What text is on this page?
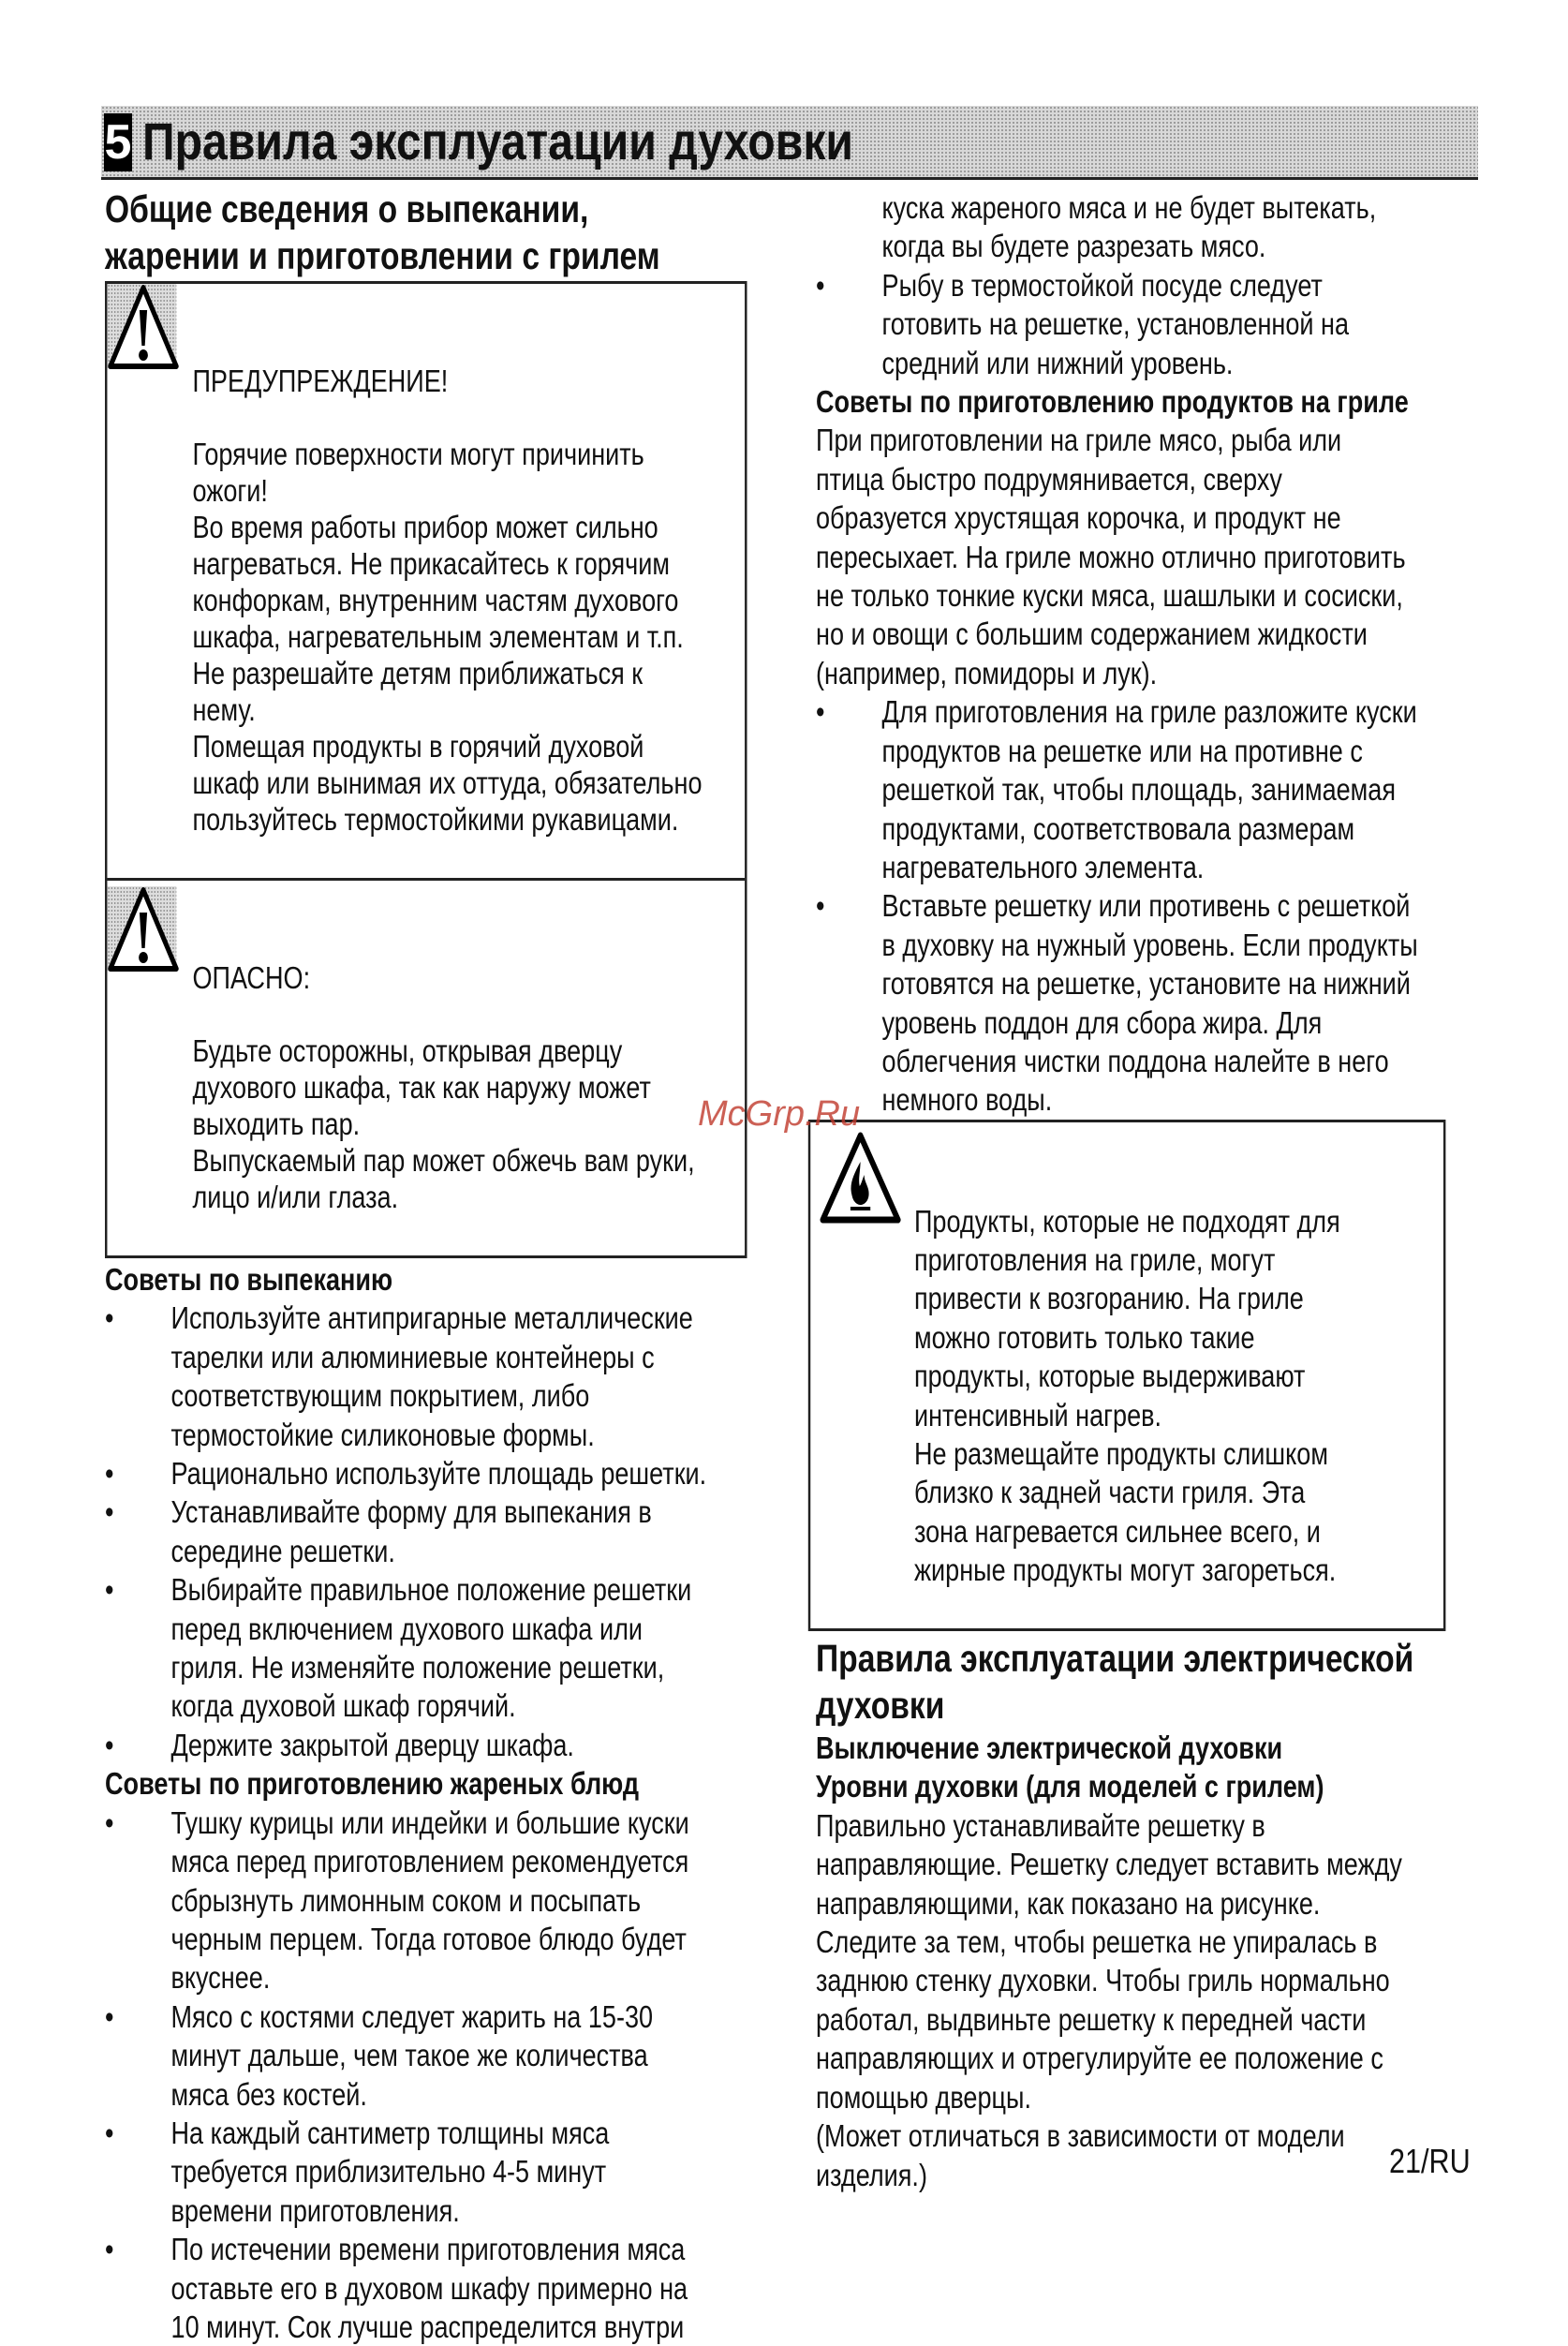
5 Правила эксплуатации духовки

Общие сведения о выпекании,
жарении и приготовлении с грилем

ПРЕДУПРЕЖДЕНИЕ!

Горячие поверхности могут причинить
ожоги!
Во время работы прибор может сильно
нагреваться. Не прикасайтесь к горячим
конфоркам, внутренним частям духового
шкафа, нагревательным элементам и т.п.
Не разрешайте детям приближаться к
нему.
Помещая продукты в горячий духовой
шкаф или вынимая их оттуда, обязательно
пользуйтесь термостойкими рукавицами.

ОПАСНО:

Будьте осторожны, открывая дверцу
духового шкафа, так как наружу может
выходить пар.
Выпускаемый пар может обжечь вам руки,
лицо и/или глаза.

Советы по выпеканию

• Используйте антипригарные металлические
тарелки или алюминиевые контейнеры с
соответствующим покрытием, либо
термостойкие силиконовые формы.
• Рационально используйте площадь решетки.
• Устанавливайте форму для выпекания в
середине решетки.
• Выбирайте правильное положение решетки
перед включением духового шкафа или
гриля. Не изменяйте положение решетки,
когда духовой шкаф горячий.
• Держите закрытой дверцу шкафа.

Советы по приготовлению жареных блюд

• Тушку курицы или индейки и большие куски
мяса перед приготовлением рекомендуется
сбрызнуть лимонным соком и посыпать
черным перцем. Тогда готовое блюдо будет
вкуснее.
• Мясо с костями следует жарить на 15-30
минут дальше, чем такое же количества
мяса без костей.
• На каждый сантиметр толщины мяса
требуется приблизительно 4-5 минут
времени приготовления.
• По истечении времени приготовления мяса
оставьте его в духовом шкафу примерно на
10 минут. Сок лучше распределится внутри
куска жареного мяса и не будет вытекать,
когда вы будете разрезать мясо.
• Рыбу в термостойкой посуде следует
готовить на решетке, установленной на
средний или нижний уровень.

Советы по приготовлению продуктов на гриле

При приготовлении на гриле мясо, рыба или
птица быстро подрумянивается, сверху
образуется хрустящая корочка, и продукт не
пересыхает. На гриле можно отлично приготовить
не только тонкие куски мяса, шашлыки и сосиски,
но и овощи с большим содержанием жидкости
(например, помидоры и лук).

• Для приготовления на гриле разложите куски
продуктов на решетке или на противне с
решеткой так, чтобы площадь, занимаемая
продуктами, соответствовала размерам
нагревательного элемента.
• Вставьте решетку или противень с решеткой
в духовку на нужный уровень. Если продукты
готовятся на решетке, установите на нижний
уровень поддон для сбора жира. Для
облегчения чистки поддона налейте в него
немного воды.

Продукты, которые не подходят для
приготовления на гриле, могут
привести к возгоранию. На гриле
можно готовить только такие
продукты, которые выдерживают
интенсивный нагрев.
Не размещайте продукты слишком
близко к задней части гриля. Эта
зона нагревается сильнее всего, и
жирные продукты могут загореться.

Правила эксплуатации электрической
духовки

Выключение электрической духовки

Уровни духовки (для моделей с грилем)

Правильно устанавливайте решетку в
направляющие. Решетку следует вставить между
направляющими, как показано на рисунке.
Следите за тем, чтобы решетка не упиралась в
заднюю стенку духовки. Чтобы гриль нормально
работал, выдвиньте решетку к передней части
направляющих и отрегулируйте ее положение с
помощью дверцы.
(Может отличаться в зависимости от модели
изделия.)

McGrp.Ru
21/RU
